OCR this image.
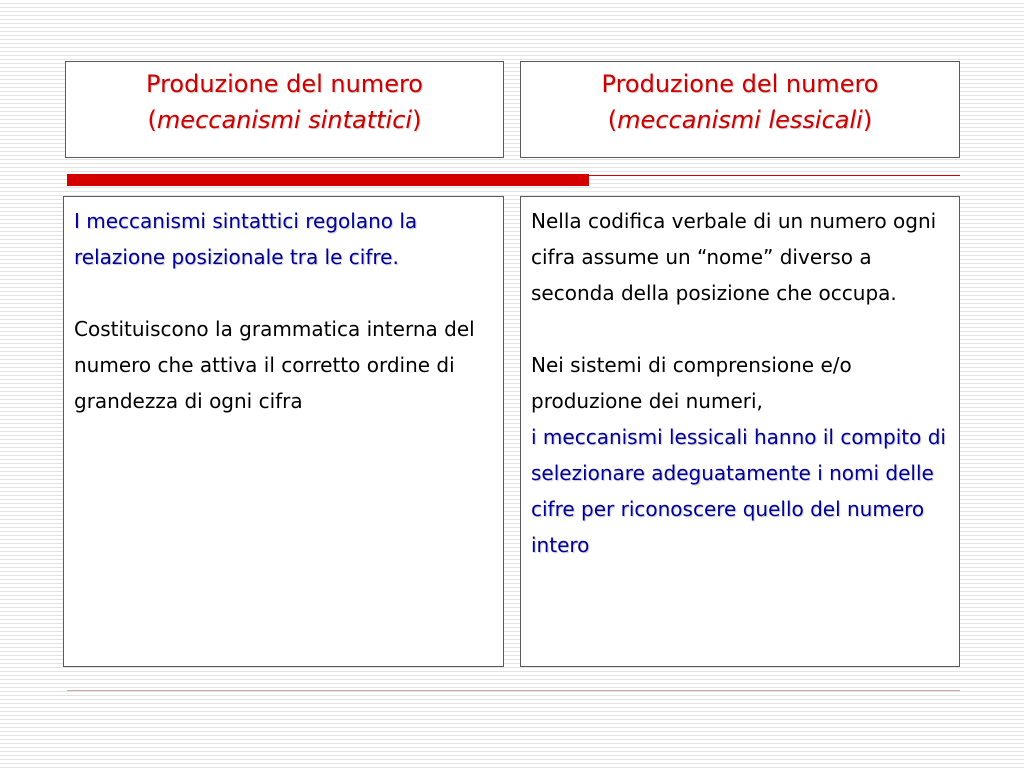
Produzione del numero
(meccanismi sintattici)
Produzione del numero
(meccanismi lessicali)

I meccanismi sintattici regolano la relazione posizionale tra le cifre.

Costituiscono la grammatica interna del numero che attiva il corretto ordine di grandezza di ogni cifra

Nella codifica verbale di un numero ogni cifra assume un “nome” diverso a seconda della posizione che occupa.

Nei sistemi di comprensione e/o produzione dei numeri,

i meccanismi lessicali hanno il compito di selezionare adeguatamente i nomi delle cifre per riconoscere quello del numero intero
